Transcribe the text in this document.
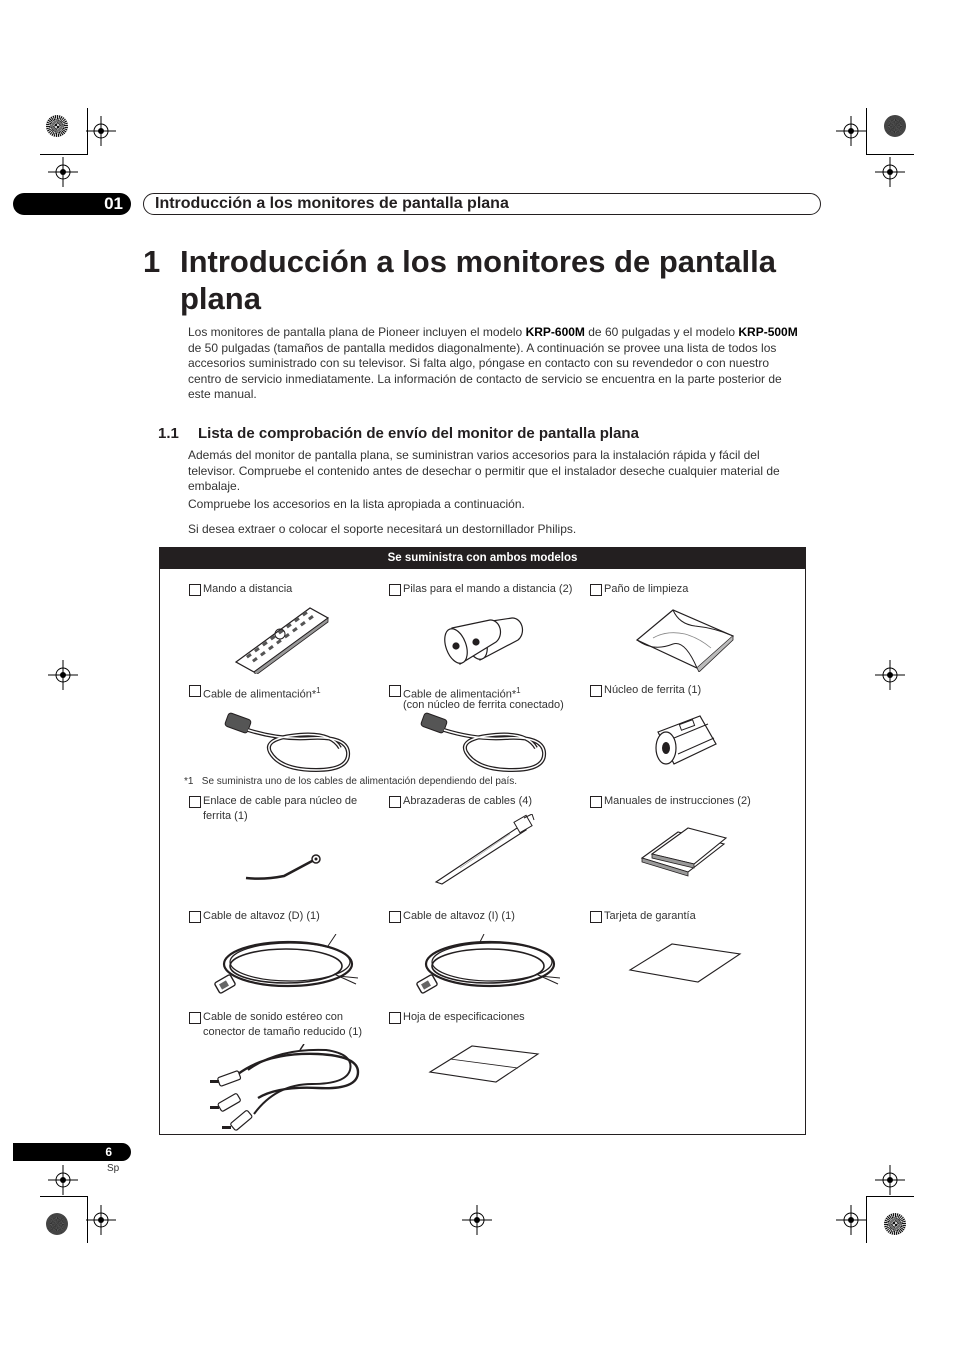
01	Introducción a los monitores de pantalla plana
1 Introducción a los monitores de pantalla
plana
Los monitores de pantalla plana de Pioneer incluyen el modelo KRP-600M de 60 pulgadas y el modelo KRP-500M
de 50 pulgadas (tamaños de pantalla medidos diagonalmente). A continuación se provee una lista de todos los
accesorios suministrado con su televisor. Si falta algo, póngase en contacto con su revendedor o con nuestro
centro de servicio inmediatamente. La información de contacto de servicio se encuentra en la parte posterior de
este manual.
1.1 Lista de comprobación de envío del monitor de pantalla plana
Además del monitor de pantalla plana, se suministran varios accesorios para la instalación rápida y fácil del
televisor. Compruebe el contenido antes de desechar o permitir que el instalador deseche cualquier material de
embalaje.
Compruebe los accesorios en la lista apropiada a continuación.
Si desea extraer o colocar el soporte necesitará un destornillador Philips.
Se suministra con ambos modelos
Mando a distancia	Pilas para el mando a distancia (2)	Paño de limpieza
Cable de alimentación*$^1$	Cable de alimentación*$^1$
(con núcleo de ferrita conectado)
Núcleo de ferrita (1)
*1 Se suministra uno de los cables de alimentación dependiendo del país.
Enlace de cable para núcleo de
ferrita (1)
Abrazaderas de cables (4)	Manuales de instrucciones (2)
Cable de altavoz (D) (1)	Cable de altavoz (I) (1)	Tarjeta de garantía
Cable de sonido estéreo con
conector de tamaño reducido (1)
Hoja de especificaciones
6
Sp
